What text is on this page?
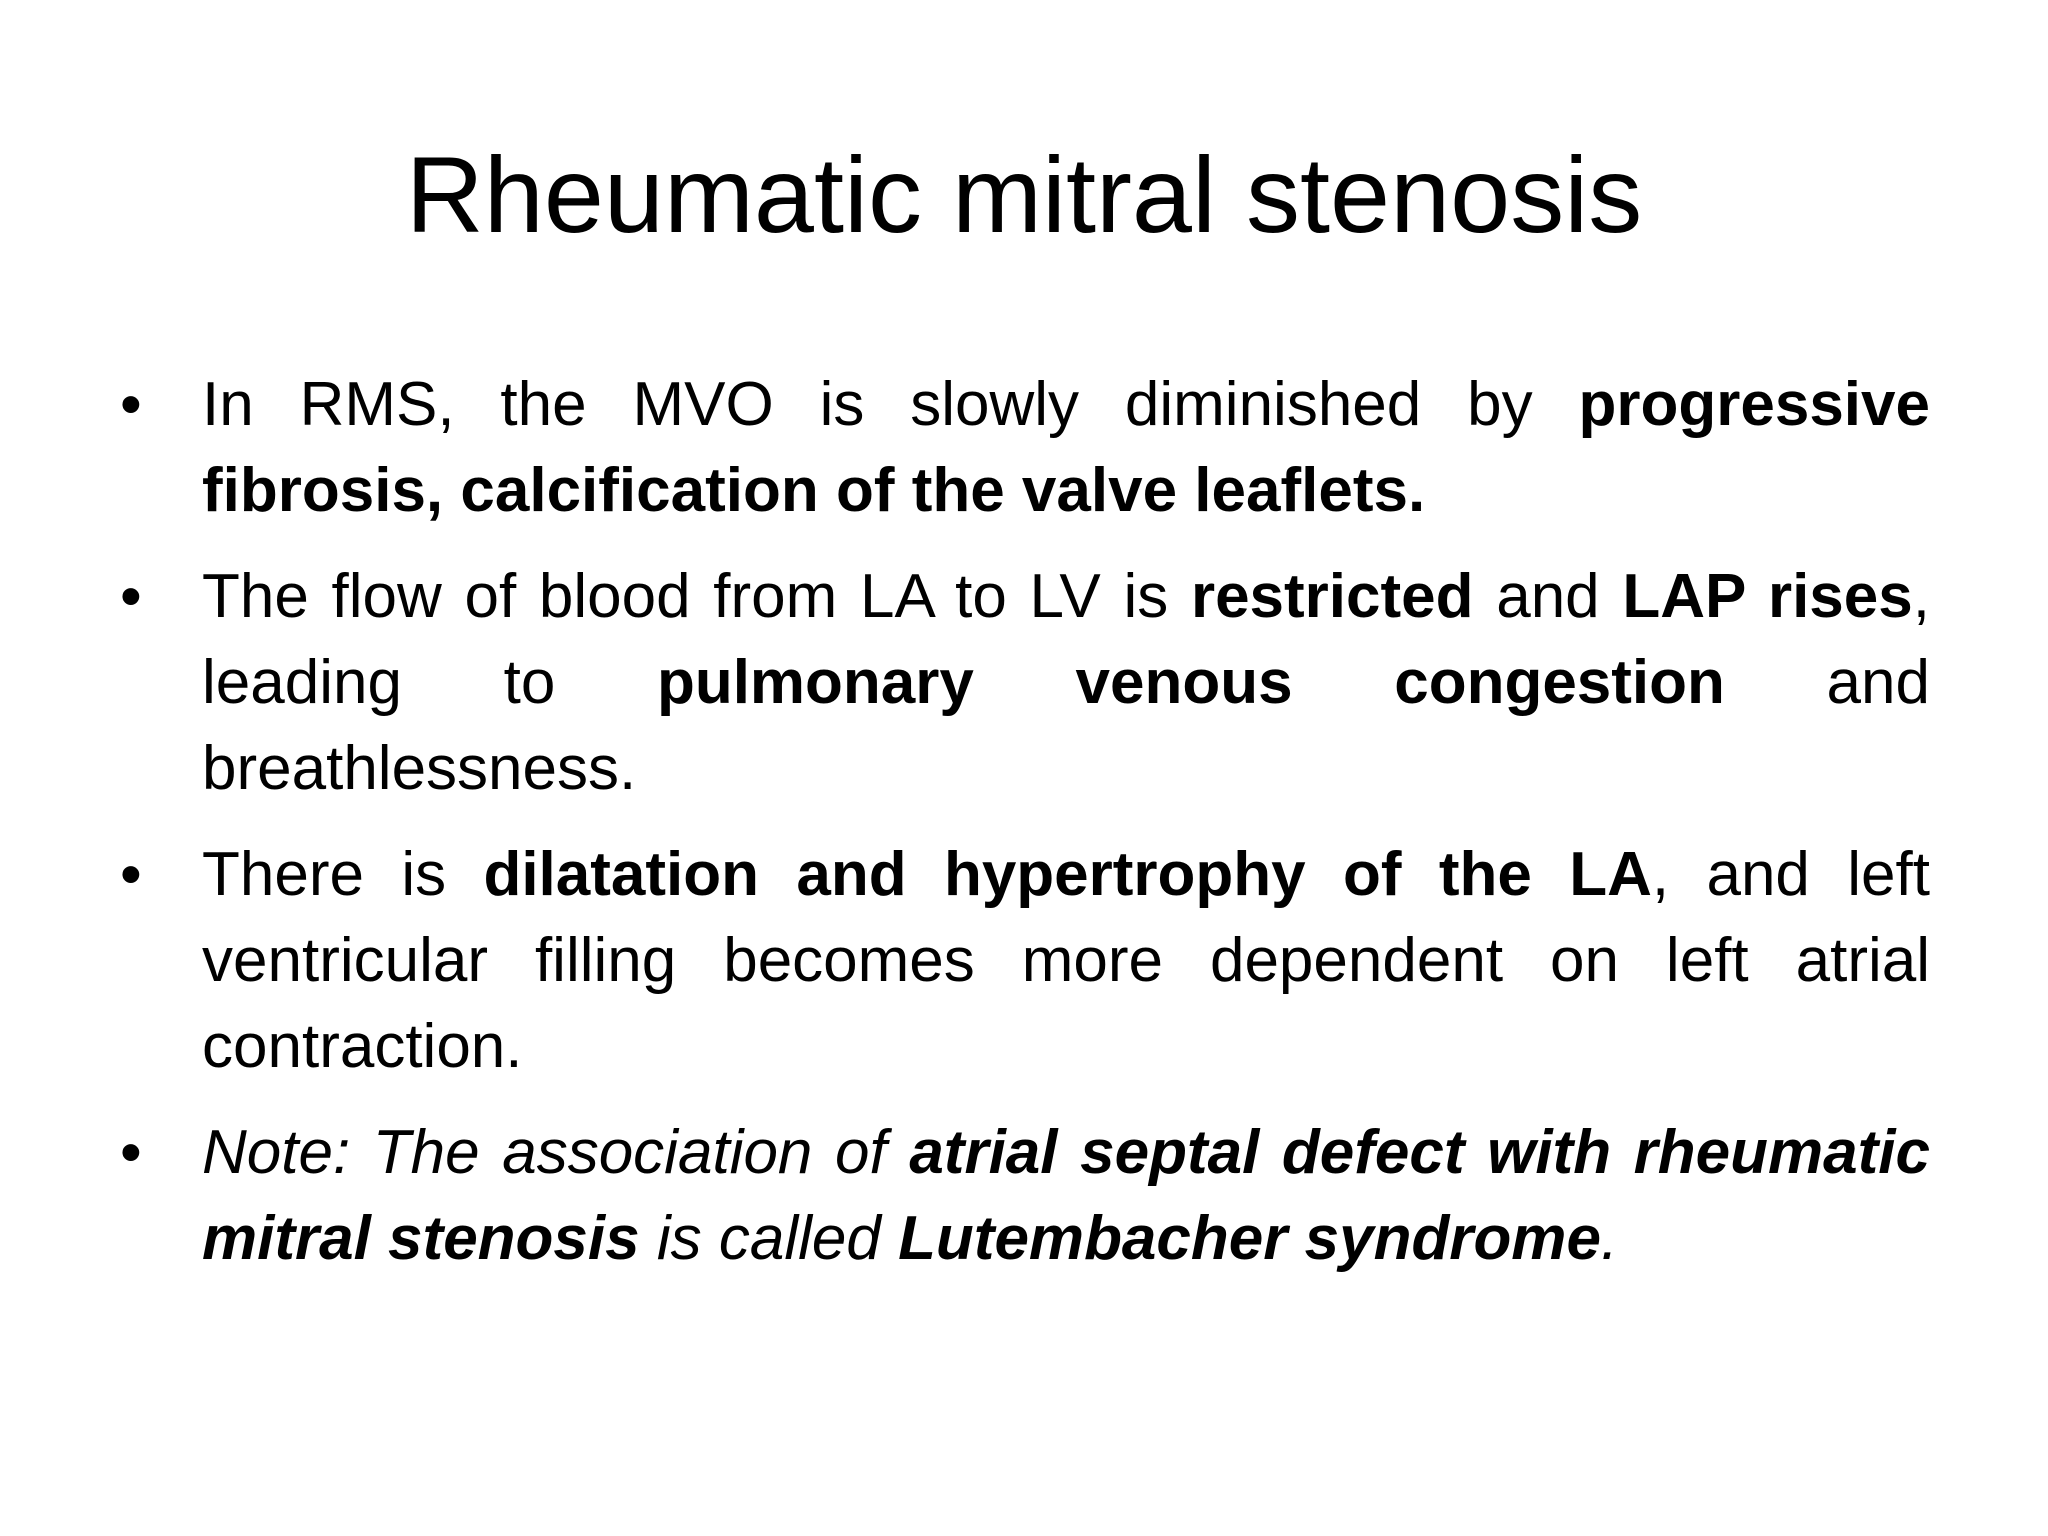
Rheumatic mitral stenosis
• In RMS, the MVO is slowly diminished by progressive fibrosis, calcification of the valve leaflets.
• The flow of blood from LA to LV is restricted and LAP rises, leading to pulmonary venous congestion and breathlessness.
• There is dilatation and hypertrophy of the LA, and left ventricular filling becomes more dependent on left atrial contraction.
• Note: The association of atrial septal defect with rheumatic mitral stenosis is called Lutembacher syndrome.
